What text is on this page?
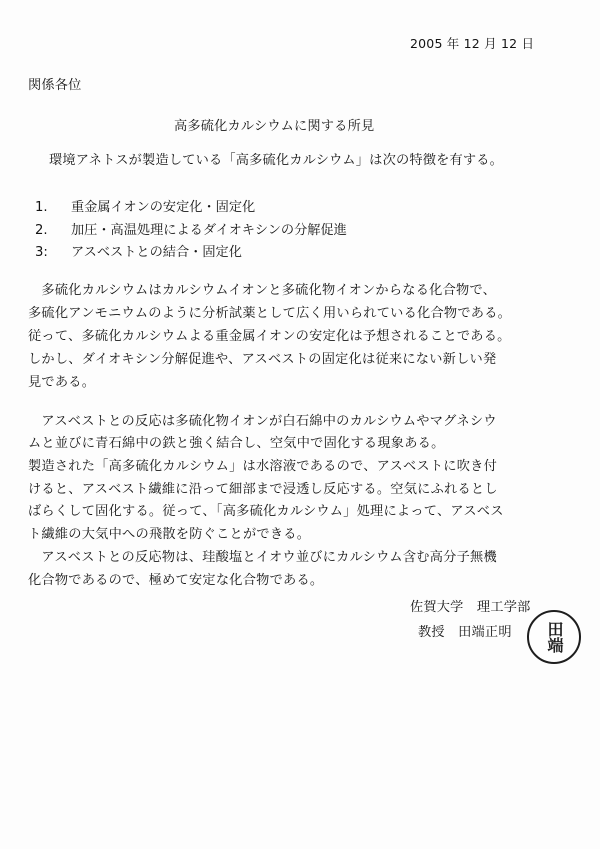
2005 年 12 月 12 日
関係各位
高多硫化カルシウムに関する所見
環境アネトスが製造している「高多硫化カルシウム」は次の特徴を有する。
1. 重金属イオンの安定化・固定化
2. 加圧・高温処理によるダイオキシンの分解促進
3: アスベストとの結合・固定化
　多硫化カルシウムはカルシウムイオンと多硫化物イオンからなる化合物で、
多硫化アンモニウムのように分析試薬として広く用いられている化合物である。
従って、多硫化カルシウムよる重金属イオンの安定化は予想されることである。
しかし、ダイオキシン分解促進や、アスベストの固定化は従来にない新しい発
見である。
　アスベストとの反応は多硫化物イオンが白石綿中のカルシウムやマグネシウ
ムと並びに青石綿中の鉄と強く結合し、空気中で固化する現象ある。
製造された「高多硫化カルシウム」は水溶液であるので、アスベストに吹き付
けると、アスベスト繊維に沿って細部まで浸透し反応する。空気にふれるとし
ばらくして固化する。従って、「高多硫化カルシウム」処理によって、アスベス
ト繊維の大気中への飛散を防ぐことができる。
　アスベストとの反応物は、珪酸塩とイオウ並びにカルシウム含む高分子無機
化合物であるので、極めて安定な化合物である。
佐賀大学　理工学部
教授　田端正明 田端
